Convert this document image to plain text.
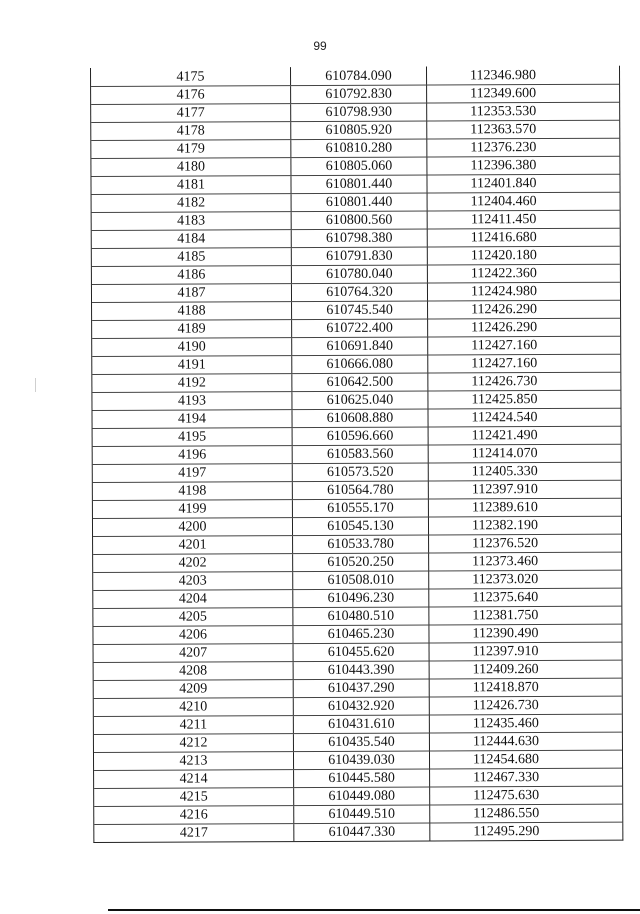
99
4175	610784.090	112346.980
4176	610792.830	112349.600
4177	610798.930	112353.530
4178	610805.920	112363.570
4179	610810.280	112376.230
4180	610805.060	112396.380
4181	610801.440	112401.840
4182	610801.440	112404.460
4183	610800.560	112411.450
4184	610798.380	112416.680
4185	610791.830	112420.180
4186	610780.040	112422.360
4187	610764.320	112424.980
4188	610745.540	112426.290
4189	610722.400	112426.290
4190	610691.840	112427.160
4191	610666.080	112427.160
4192	610642.500	112426.730
4193	610625.040	112425.850
4194	610608.880	112424.540
4195	610596.660	112421.490
4196	610583.560	112414.070
4197	610573.520	112405.330
4198	610564.780	112397.910
4199	610555.170	112389.610
4200	610545.130	112382.190
4201	610533.780	112376.520
4202	610520.250	112373.460
4203	610508.010	112373.020
4204	610496.230	112375.640
4205	610480.510	112381.750
4206	610465.230	112390.490
4207	610455.620	112397.910
4208	610443.390	112409.260
4209	610437.290	112418.870
4210	610432.920	112426.730
4211	610431.610	112435.460
4212	610435.540	112444.630
4213	610439.030	112454.680
4214	610445.580	112467.330
4215	610449.080	112475.630
4216	610449.510	112486.550
4217	610447.330	112495.290
